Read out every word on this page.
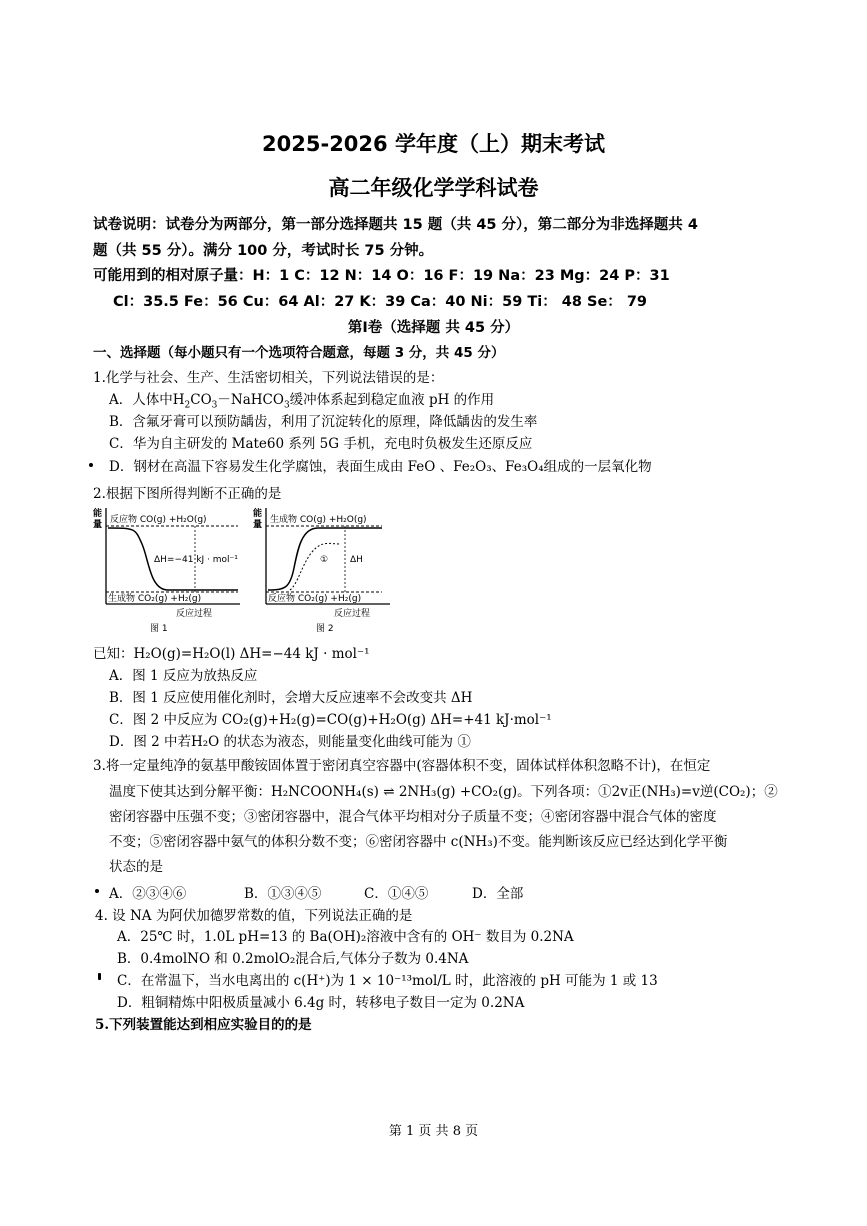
2025-2026 学年度（上）期末考试
高二年级化学学科试卷
试卷说明：试卷分为两部分，第一部分选择题共 15 题（共 45 分），第二部分为非选择题共 4
题（共 55 分）。满分 100 分，考试时长 75 分钟。
可能用到的相对原子量：H：1 C：12 N：14 O：16 F：19 Na：23 Mg：24 P：31
Cl：35.5 Fe：56 Cu：64 Al：27 K：39 Ca：40 Ni：59 Ti： 48 Se： 79
第Ⅰ卷（选择题 共 45 分）
一、选择题（每小题只有一个选项符合题意，每题 3 分，共 45 分）
1.化学与社会、生产、生活密切相关，下列说法错误的是：
A．人体中$H_2CO_3-NaHCO_3$缓冲体系起到稳定血液 pH 的作用
B．含氟牙膏可以预防龋齿，利用了沉淀转化的原理，降低龋齿的发生率
C．华为自主研发的 Mate60 系列 5G 手机，充电时负极发生还原反应
D．钢材在高温下容易发生化学腐蚀，表面生成由 FeO 、Fe₂O₃、Fe₃O₄组成的一层氧化物
2.根据下图所得判断不正确的是
能
量 反应物 CO(g) +H₂O(g)
ΔH=−41 kJ · mol⁻¹
生成物 CO₂(g) +H₂(g)
反应过程
图 1
能
量 生成物 CO(g) +H₂O(g)
① ΔH
反应物 CO₂(g) +H₂(g)
反应过程
图 2
已知：H₂O(g)=H₂O(l) ΔH=−44 kJ · mol⁻¹
A．图 1 反应为放热反应
B．图 1 反应使用催化剂时，会增大反应速率不会改变共 ΔH
C．图 2 中反应为 CO₂(g)+H₂(g)=CO(g)+H₂O(g) ΔH=+41 kJ·mol⁻¹
D．图 2 中若H₂O 的状态为液态，则能量变化曲线可能为 ①
3.将一定量纯净的氨基甲酸铵固体置于密闭真空容器中(容器体积不变，固体试样体积忽略不计)，在恒定
温度下使其达到分解平衡：H₂NCOONH₄(s) ⇌ 2NH₃(g) +CO₂(g)。下列各项：①2v正(NH₃)=v逆(CO₂)；②
密闭容器中压强不变；③密闭容器中，混合气体平均相对分子质量不变；④密闭容器中混合气体的密度
不变；⑤密闭容器中氨气的体积分数不变；⑥密闭容器中 c(NH₃)不变。能判断该反应已经达到化学平衡
状态的是
A．②③④⑥	B．①③④⑤	C．①④⑤	D．全部
4. 设 NA 为阿伏加德罗常数的值，下列说法正确的是
A．25℃ 时，1.0L pH=13 的 Ba(OH)₂溶液中含有的 OH⁻ 数目为 0.2NA
B．0.4molNO 和 0.2molO₂混合后,气体分子数为 0.4NA
C．在常温下，当水电离出的 c(H⁺)为 1 × 10⁻¹³mol/L 时，此溶液的 pH 可能为 1 或 13
D．粗铜精炼中阳极质量减小 6.4g 时，转移电子数目一定为 0.2NA
5.下列装置能达到相应实验目的的是
第 1 页 共 8 页
